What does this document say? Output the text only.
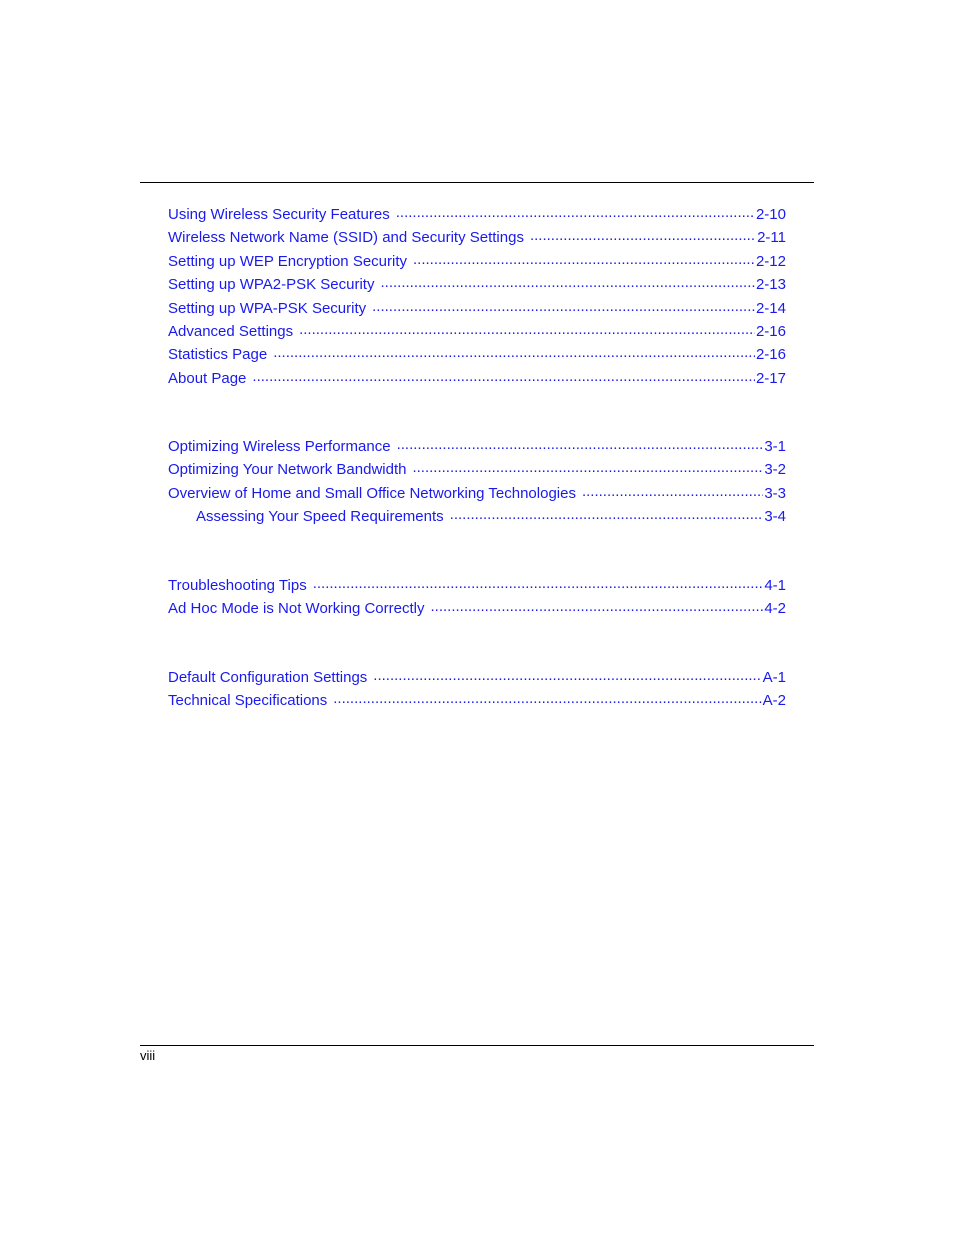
Using Wireless Security Features .....	2-10
Wireless Network Name (SSID) and Security Settings .....	2-11
Setting up WEP Encryption Security .....	2-12
Setting up WPA2-PSK Security .....	2-13
Setting up WPA-PSK Security .....	2-14
Advanced Settings .....	2-16
Statistics Page .....	2-16
About Page .....	2-17
Optimizing Wireless Performance .....	3-1
Optimizing Your Network Bandwidth .....	3-2
Overview of Home and Small Office Networking Technologies .....	3-3
Assessing Your Speed Requirements .....	3-4
Troubleshooting Tips .....	4-1
Ad Hoc Mode is Not Working Correctly .....	4-2
Default Configuration Settings .....	A-1
Technical Specifications .....	A-2
viii
